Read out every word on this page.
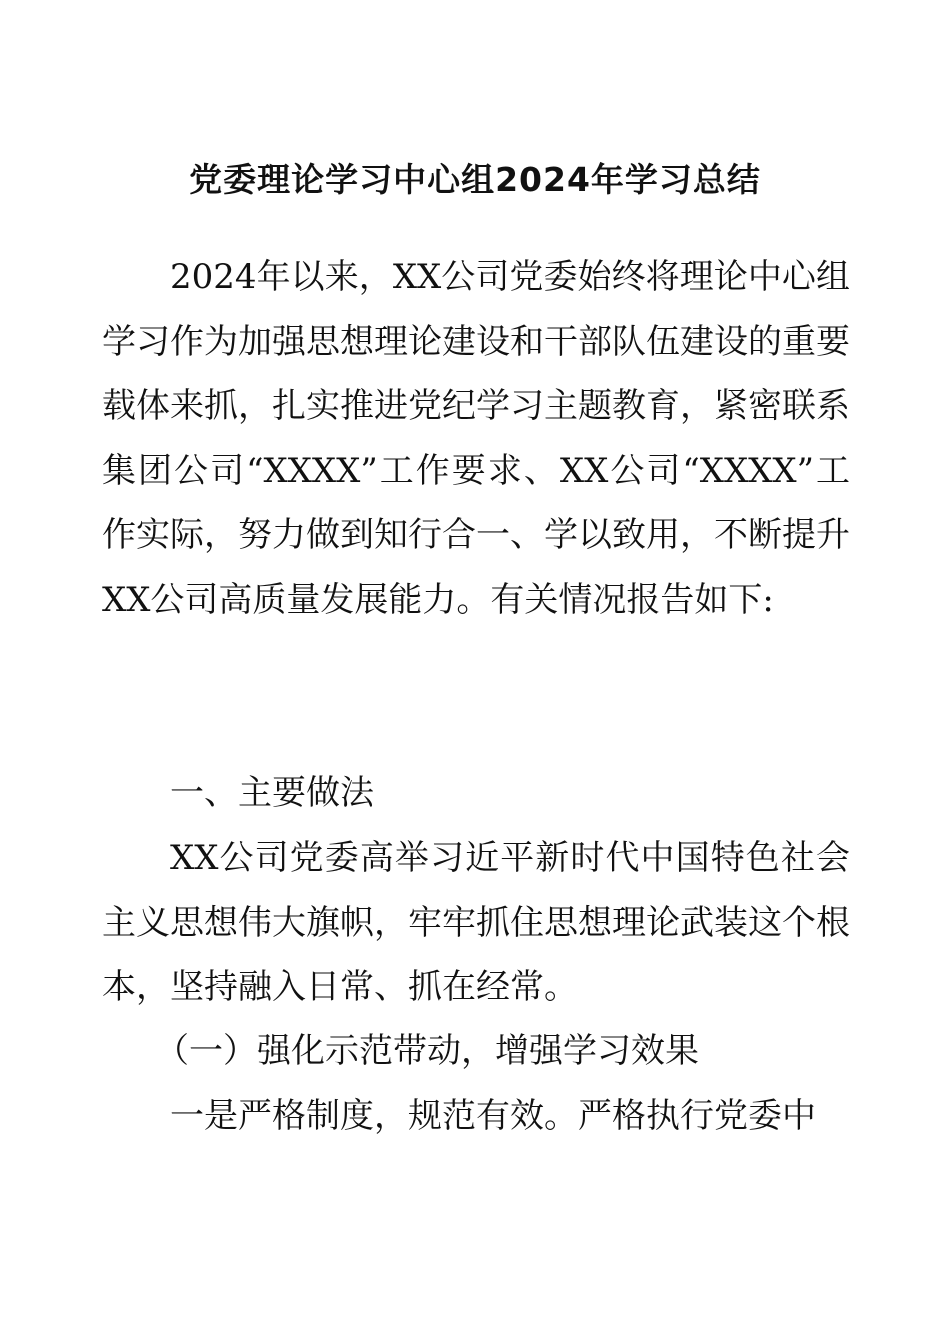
党委理论学习中心组2024年学习总结

2024年以来，XX公司党委始终将理论中心组学习作为加强思想理论建设和干部队伍建设的重要载体来抓，扎实推进党纪学习主题教育，紧密联系集团公司“XXXX”工作要求、XX公司“XXXX”工作实际，努力做到知行合一、学以致用，不断提升XX公司高质量发展能力。有关情况报告如下:

一、主要做法

XX公司党委高举习近平新时代中国特色社会主义思想伟大旗帜，牢牢抓住思想理论武装这个根本，坚持融入日常、抓在经常。

（一）强化示范带动，增强学习效果

一是严格制度，规范有效。严格执行党委中
